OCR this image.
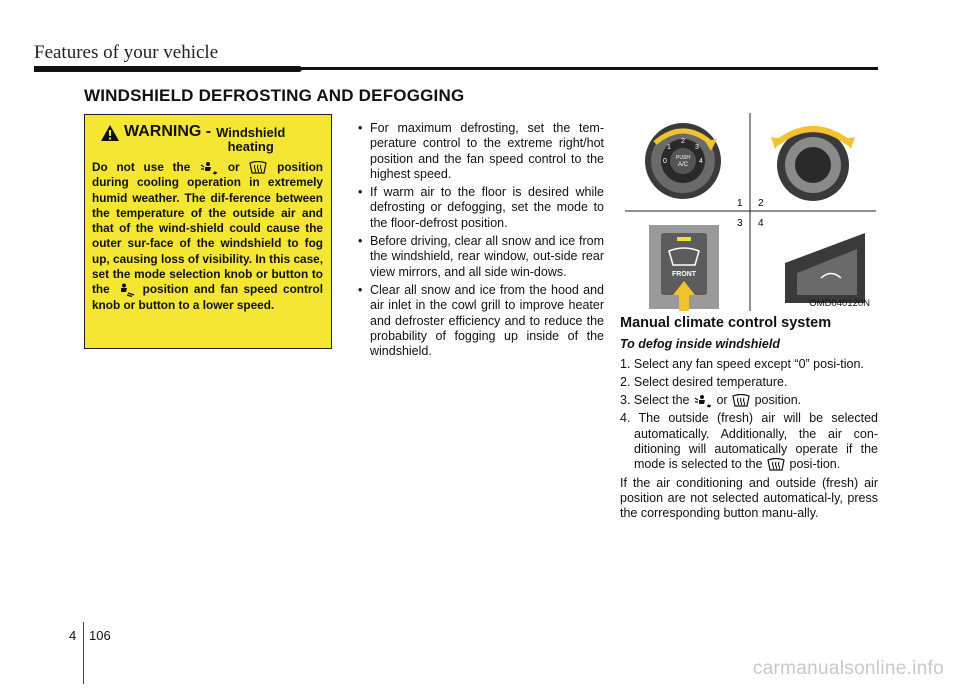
Features of your vehicle
WINDSHIELD DEFROSTING AND DEFOGGING
WARNING - Windshield
heating
Do not use the	or	position during cooling operation in extremely humid weather. The dif-ference between the temperature of the outside air and that of the wind-shield could cause the outer sur-face of the windshield to fog up, causing loss of visibility. In this case, set the mode selection knob or button to the	position and fan speed control knob or button to a lower speed.
• For maximum defrosting, set the tem-perature control to the extreme right/hot position and the fan speed control to the highest speed.
• If warm air to the floor is desired while defrosting or defogging, set the mode to the floor-defrost position.
• Before driving, clear all snow and ice from the windshield, rear window, out-side rear view mirrors, and all side win-dows.
• Clear all snow and ice from the hood and air inlet in the cowl grill to improve heater and defroster efficiency and to reduce the probability of fogging up inside of the windshield.
PUSH
A/C
0
1
2
3
4
1 2
3 4
FRONT
OMD040120N
Manual climate control system
To defog inside windshield
1. Select any fan speed except “0” posi-tion.
2. Select desired temperature.
3. Select the or position.
4. The outside (fresh) air will be selected automatically. Additionally, the air con-ditioning will automatically operate if the mode is selected to the posi-tion.
If the air conditioning and outside (fresh) air position are not selected automatical-ly, press the corresponding button manu-ally.
4 106
carmanualsonline.info
